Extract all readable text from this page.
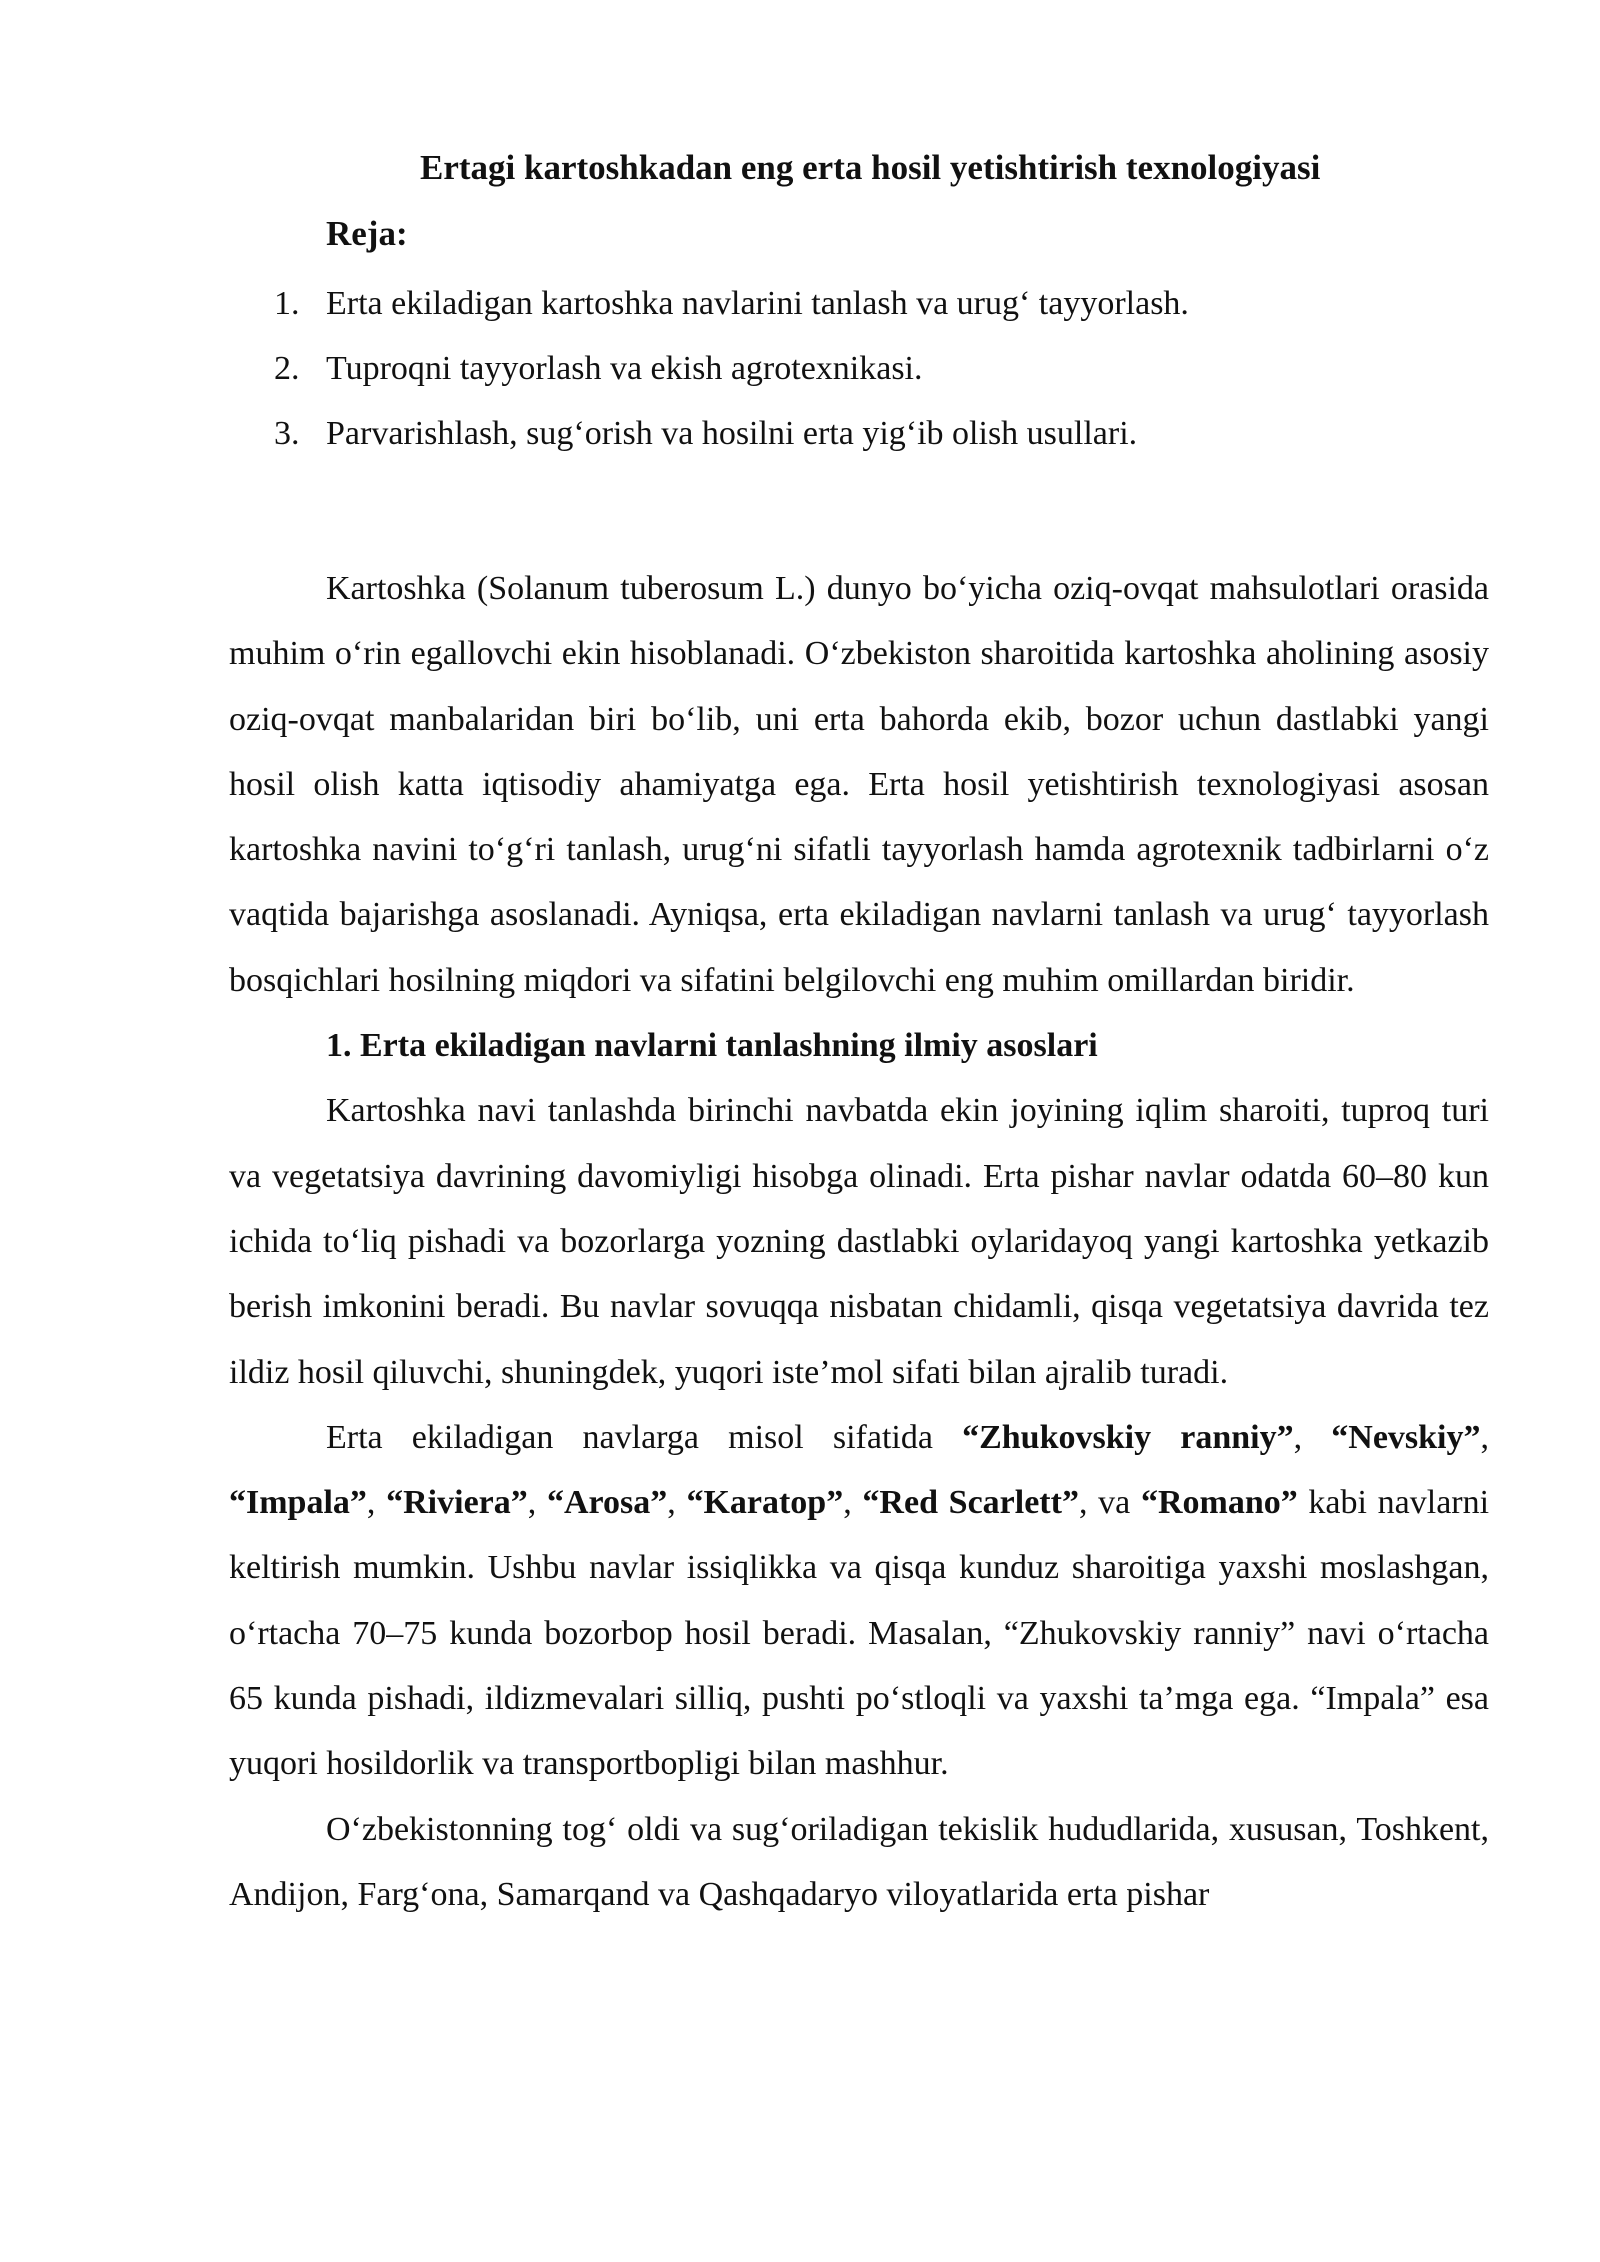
Ertagi kartoshkadan eng erta hosil yetishtirish texnologiyasi
Reja:
1. Erta ekiladigan kartoshka navlarini tanlash va urug‘ tayyorlash.
2. Tuproqni tayyorlash va ekish agrotexnikasi.
3. Parvarishlash, sug‘orish va hosilni erta yig‘ib olish usullari.

Kartoshka (Solanum tuberosum L.) dunyo bo‘yicha oziq-ovqat mahsulotlari orasida muhim o‘rin egallovchi ekin hisoblanadi. O‘zbekiston sharoitida kartoshka aholining asosiy oziq-ovqat manbalaridan biri bo‘lib, uni erta bahorda ekib, bozor uchun dastlabki yangi hosil olish katta iqtisodiy ahamiyatga ega. Erta hosil yetishtirish texnologiyasi asosan kartoshka navini to‘g‘ri tanlash, urug‘ni sifatli tayyorlash hamda agrotexnik tadbirlarni o‘z vaqtida bajarishga asoslanadi. Ayniqsa, erta ekiladigan navlarni tanlash va urug‘ tayyorlash bosqichlari hosilning miqdori va sifatini belgilovchi eng muhim omillardan biridir.

1. Erta ekiladigan navlarni tanlashning ilmiy asoslari

Kartoshka navi tanlashda birinchi navbatda ekin joyining iqlim sharoiti, tuproq turi va vegetatsiya davrining davomiyligi hisobga olinadi. Erta pishar navlar odatda 60–80 kun ichida to‘liq pishadi va bozorlarga yozning dastlabki oylaridayoq yangi kartoshka yetkazib berish imkonini beradi. Bu navlar sovuqqa nisbatan chidamli, qisqa vegetatsiya davrida tez ildiz hosil qiluvchi, shuningdek, yuqori iste’mol sifati bilan ajralib turadi.

Erta ekiladigan navlarga misol sifatida “Zhukovskiy ranniy”, “Nevskiy”, “Impala”, “Riviera”, “Arosa”, “Karatop”, “Red Scarlett”, va “Romano” kabi navlarni keltirish mumkin. Ushbu navlar issiqlikka va qisqa kunduz sharoitiga yaxshi moslashgan, o‘rtacha 70–75 kunda bozorbop hosil beradi. Masalan, “Zhukovskiy ranniy” navi o‘rtacha 65 kunda pishadi, ildizmevalari silliq, pushti po‘stloqli va yaxshi ta’mga ega. “Impala” esa yuqori hosildorlik va transportbopligi bilan mashhur.

O‘zbekistonning tog‘ oldi va sug‘oriladigan tekislik hududlarida, xususan, Toshkent, Andijon, Farg‘ona, Samarqand va Qashqadaryo viloyatlarida erta pishar
